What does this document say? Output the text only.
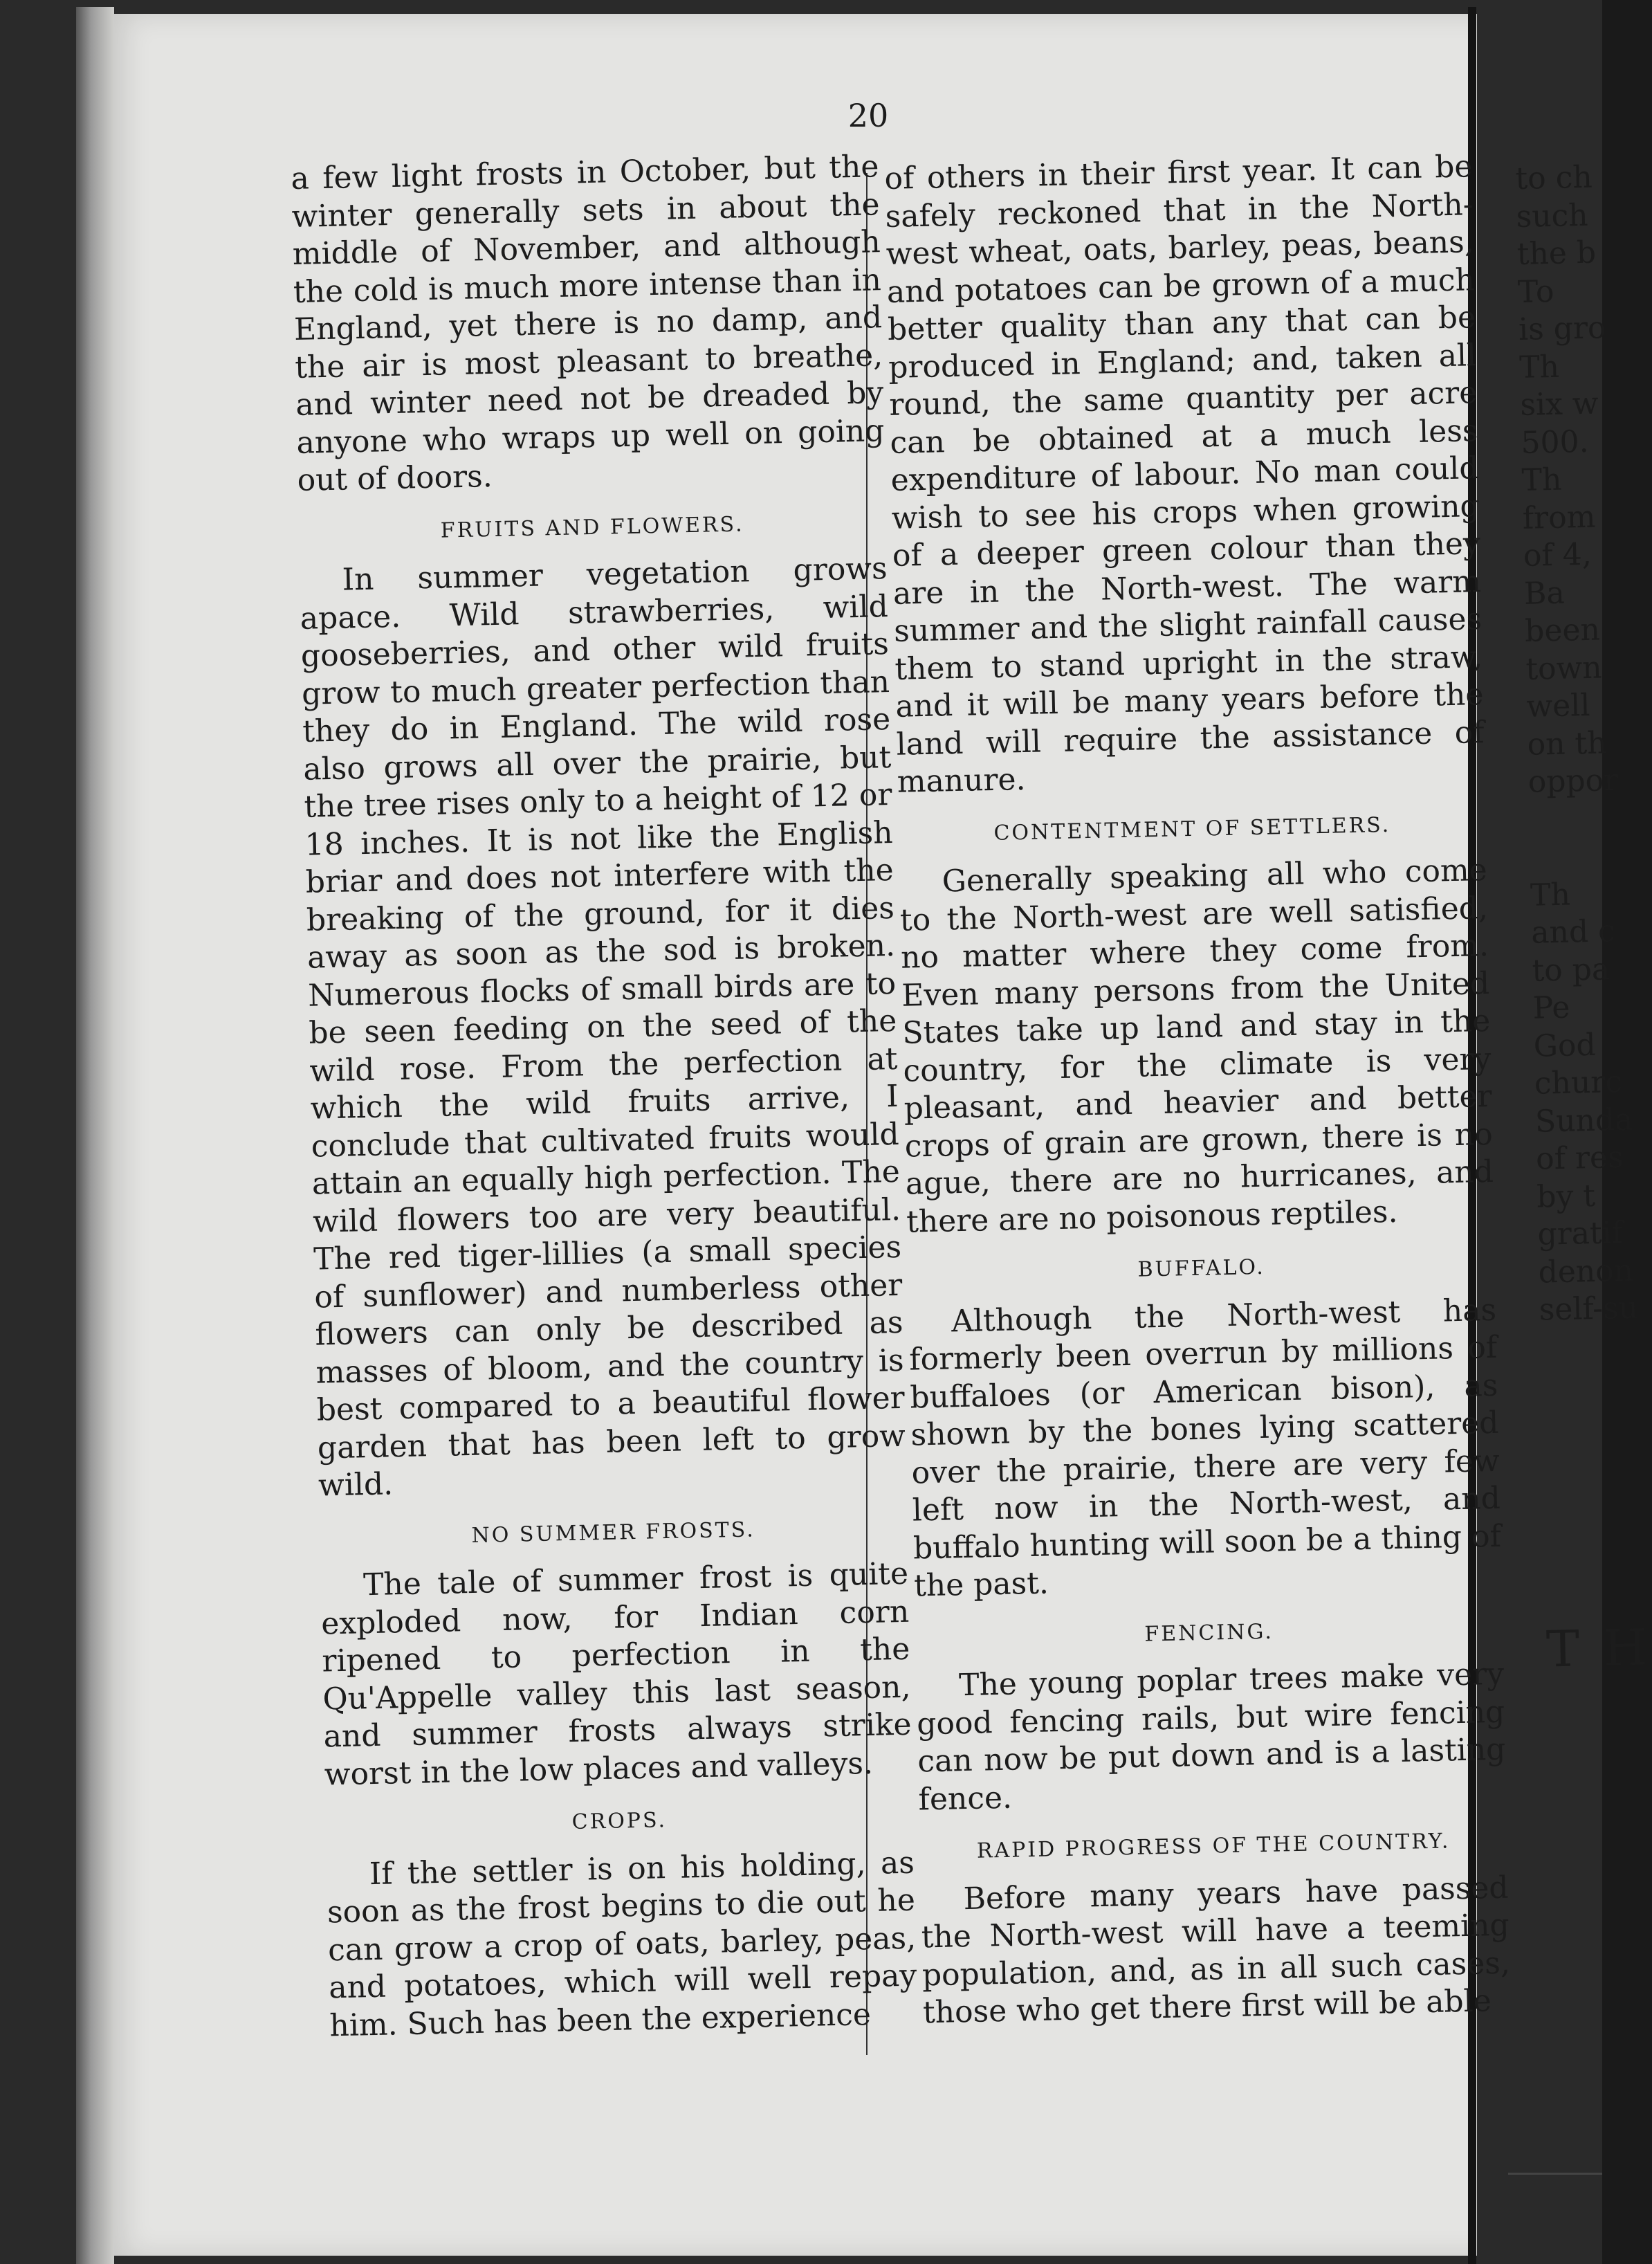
20

a few light frosts in October, but the winter generally sets in about the middle of November, and although the cold is much more intense than in England, yet there is no damp, and the air is most pleasant to breathe, and winter need not be dreaded by anyone who wraps up well on going out of doors.

FRUITS AND FLOWERS.

In summer vegetation grows apace. Wild strawberries, wild gooseberries, and other wild fruits grow to much greater perfection than they do in England. The wild rose also grows all over the prairie, but the tree rises only to a height of 12 or 18 inches. It is not like the English briar and does not interfere with the breaking of the ground, for it dies away as soon as the sod is broken. Numerous flocks of small birds are to be seen feeding on the seed of the wild rose. From the perfection at which the wild fruits arrive, I conclude that cultivated fruits would attain an equally high perfection. The wild flowers too are very beautiful. The red tiger-lillies (a small species of sunflower) and numberless other flowers can only be described as masses of bloom, and the country is best compared to a beautiful flower garden that has been left to grow wild.

NO SUMMER FROSTS.

The tale of summer frost is quite exploded now, for Indian corn ripened to perfection in the Qu'Appelle valley this last season, and summer frosts always strike worst in the low places and valleys.

CROPS.

If the settler is on his holding, as soon as the frost begins to die out he can grow a crop of oats, barley, peas, and potatoes, which will well repay him. Such has been the experience

of others in their first year. It can be safely reckoned that in the North-west wheat, oats, barley, peas, beans, and potatoes can be grown of a much better quality than any that can be produced in England; and, taken all round, the same quantity per acre can be obtained at a much less expenditure of labour. No man could wish to see his crops when growing of a deeper green colour than they are in the North-west. The warm summer and the slight rainfall causes them to stand upright in the straw, and it will be many years before the land will require the assistance of manure.

CONTENTMENT OF SETTLERS.

Generally speaking all who come to the North-west are well satisfied, no matter where they come from. Even many persons from the United States take up land and stay in the country, for the climate is very pleasant, and heavier and better crops of grain are grown, there is no ague, there are no hurricanes, and there are no poisonous reptiles.

BUFFALO.

Although the North-west has formerly been overrun by millions of buffaloes (or American bison), as shown by the bones lying scattered over the prairie, there are very few left now in the North-west, and buffalo hunting will soon be a thing of the past.

FENCING.

The young poplar trees make very good fencing rails, but wire fencing can now be put down and is a lasting fence.

RAPID PROGRESS OF THE COUNTRY.

Before many years have passed the North-west will have a teeming population, and, as in all such cases, those who get there first will be able

to ch
such
the b
To
is gro
Th
six w
500.
Th
from
of 4,
Ba
been
town
well
on th
oppor
Th
and c
to pa
Pe
God
churc
Sunda
of res
by t
gratif
denon
self-su
T H
